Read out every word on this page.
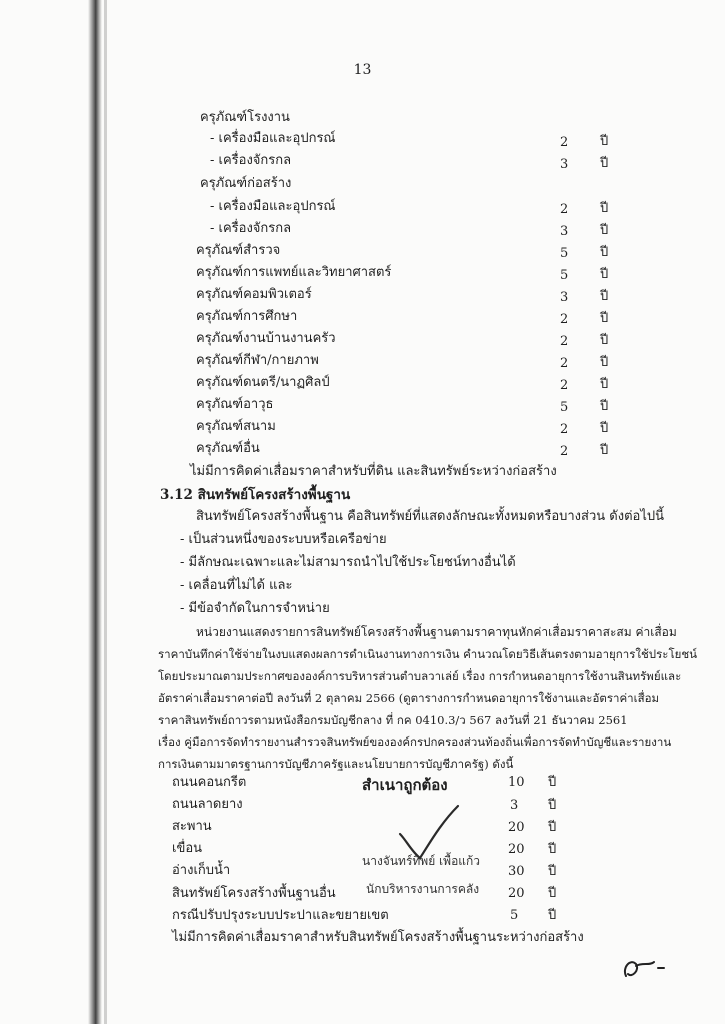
13
ครุภัณฑ์โรงงาน
- เครื่องมือและอุปกรณ์	2 ปี
- เครื่องจักรกล	3 ปี
ครุภัณฑ์ก่อสร้าง
- เครื่องมือและอุปกรณ์	2 ปี
- เครื่องจักรกล	3 ปี
ครุภัณฑ์สำรวจ	5 ปี
ครุภัณฑ์การแพทย์และวิทยาศาสตร์	5 ปี
ครุภัณฑ์คอมพิวเตอร์	3 ปี
ครุภัณฑ์การศึกษา	2 ปี
ครุภัณฑ์งานบ้านงานครัว	2 ปี
ครุภัณฑ์กีฬา/กายภาพ	2 ปี
ครุภัณฑ์ดนตรี/นาฏศิลป์	2 ปี
ครุภัณฑ์อาวุธ	5 ปี
ครุภัณฑ์สนาม	2 ปี
ครุภัณฑ์อื่น	2 ปี
ไม่มีการคิดค่าเสื่อมราคาสำหรับที่ดิน และสินทรัพย์ระหว่างก่อสร้าง
3.12 สินทรัพย์โครงสร้างพื้นฐาน
สินทรัพย์โครงสร้างพื้นฐาน คือสินทรัพย์ที่แสดงลักษณะทั้งหมดหรือบางส่วน ดังต่อไปนี้
- เป็นส่วนหนึ่งของระบบหรือเครือข่าย
- มีลักษณะเฉพาะและไม่สามารถนำไปใช้ประโยชน์ทางอื่นได้
- เคลื่อนที่ไม่ได้ และ
- มีข้อจำกัดในการจำหน่าย
หน่วยงานแสดงรายการสินทรัพย์โครงสร้างพื้นฐานตามราคาทุนหักค่าเสื่อมราคาสะสม ค่าเสื่อม
ราคาบันทึกค่าใช้จ่ายในงบแสดงผลการดำเนินงานทางการเงิน คำนวณโดยวิธีเส้นตรงตามอายุการใช้ประโยชน์
โดยประมาณตามประกาศขององค์การบริหารส่วนตำบลวาเล่ย์ เรื่อง การกำหนดอายุการใช้งานสินทรัพย์และ
อัตราค่าเสื่อมราคาต่อปี ลงวันที่ 2 ตุลาคม 2566 (ดูตารางการกำหนดอายุการใช้งานและอัตราค่าเสื่อม
ราคาสินทรัพย์ถาวรตามหนังสือกรมบัญชีกลาง ที่ กค 0410.3/ว 567 ลงวันที่ 21 ธันวาคม 2561
เรื่อง คู่มือการจัดทำรายงานสำรวจสินทรัพย์ขององค์กรปกครองส่วนท้องถิ่นเพื่อการจัดทำบัญชีและรายงาน
การเงินตามมาตรฐานการบัญชีภาครัฐและนโยบายการบัญชีภาครัฐ) ดังนี้
ถนนคอนกรีต	10 ปี
ถนนลาดยาง	3 ปี
สะพาน	20 ปี
เขื่อน	20 ปี
อ่างเก็บน้ำ	30 ปี
สินทรัพย์โครงสร้างพื้นฐานอื่น	20 ปี
กรณีปรับปรุงระบบประปาและขยายเขต	5 ปี
ไม่มีการคิดค่าเสื่อมราคาสำหรับสินทรัพย์โครงสร้างพื้นฐานระหว่างก่อสร้าง
สำเนาถูกต้อง
นางจันทร์ทิพย์ เพื้อแก้ว
นักบริหารงานการคลัง
